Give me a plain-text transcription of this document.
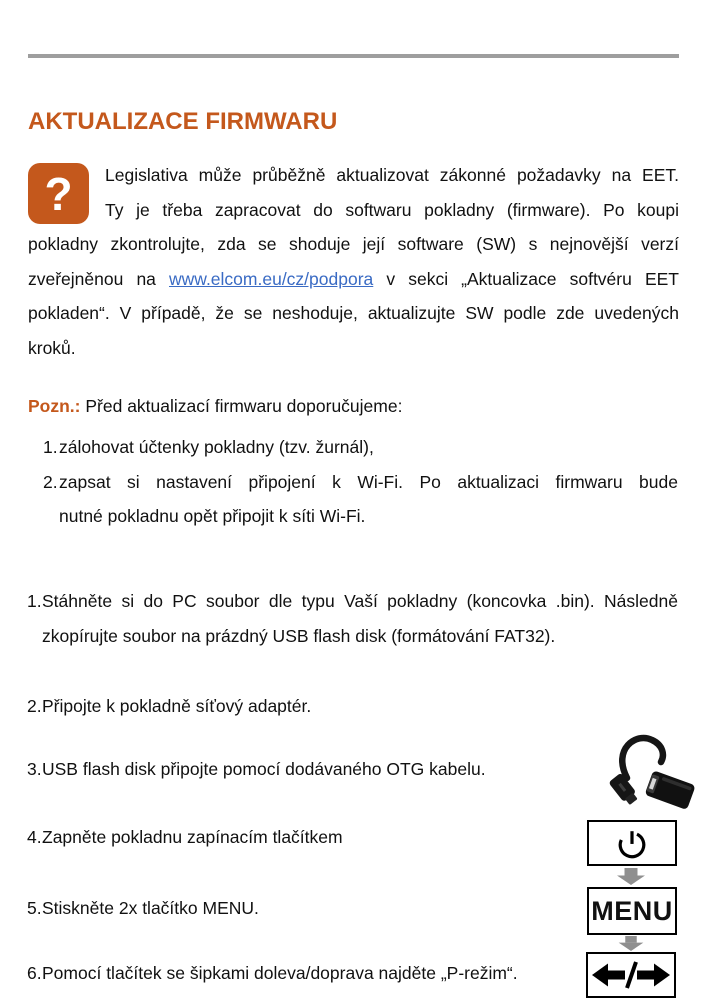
AKTUALIZACE FIRMWARU
?	Legislativa může průběžně aktualizovat zákonné požadavky na EET.
Ty je třeba zapracovat do softwaru pokladny (firmware). Po koupi
pokladny zkontrolujte, zda se shoduje její software (SW) s nejnovější verzí
zveřejněnou na www.elcom.eu/cz/podpora v sekci „Aktualizace softvéru EET
pokladen“. V případě, že se neshoduje, aktualizujte SW podle zde uvedených
kroků.
Pozn.: Před aktualizací firmwaru doporučujeme:
1. zálohovat účtenky pokladny (tzv. žurnál),
2. zapsat si nastavení připojení k Wi-Fi. Po aktualizaci firmwaru bude
nutné pokladnu opět připojit k síti Wi-Fi.
1. Stáhněte si do PC soubor dle typu Vaší pokladny (koncovka .bin). Následně
zkopírujte soubor na prázdný USB flash disk (formátování FAT32).
2. Připojte k pokladně síťový adaptér.
3. USB flash disk připojte pomocí dodávaného OTG kabelu.
4. Zapněte pokladnu zapínacím tlačítkem
5. Stiskněte 2x tlačítko MENU.
6. Pomocí tlačítek se šipkami doleva/doprava najděte „P-režim“.
MENU
